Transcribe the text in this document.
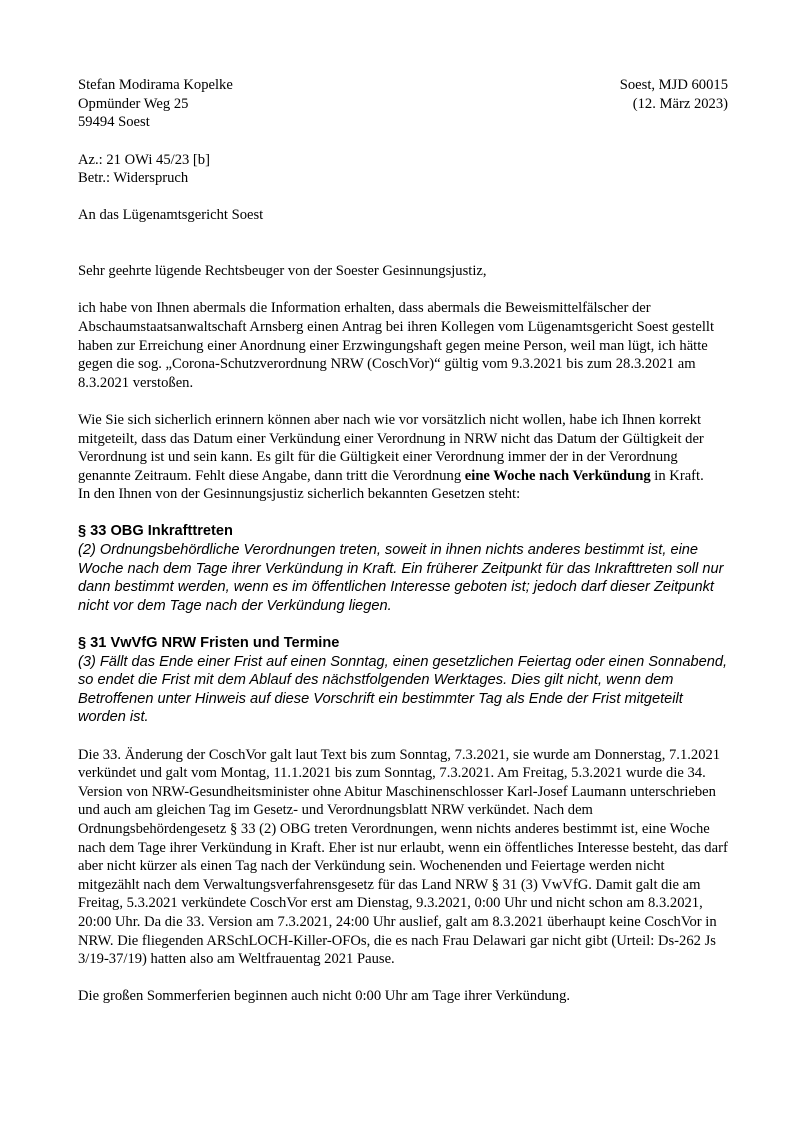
Stefan Modirama Kopelke

Opmünder Weg 25

59494 Soest

Soest, MJD 60015

(12. März 2023)

Az.: 21 OWi 45/23 [b]

Betr.: Widerspruch

An das Lügenamtsgericht Soest

Sehr geehrte lügende Rechtsbeuger von der Soester Gesinnungsjustiz,

ich habe von Ihnen abermals die Information erhalten, dass abermals die Beweismittelfälscher der Abschaumstaatsanwaltschaft Arnsberg einen Antrag bei ihren Kollegen vom Lügenamtsgericht Soest gestellt haben zur Erreichung einer Anordnung einer Erzwingungshaft gegen meine Person, weil man lügt, ich hätte gegen die sog. „Corona-Schutzverordnung NRW (CoschVor)“ gültig vom 9.3.2021 bis zum 28.3.2021 am 8.3.2021 verstoßen.

Wie Sie sich sicherlich erinnern können aber nach wie vor vorsätzlich nicht wollen, habe ich Ihnen korrekt mitgeteilt, dass das Datum einer Verkündung einer Verordnung in NRW nicht das Datum der Gültigkeit der Verordnung ist und sein kann. Es gilt für die Gültigkeit einer Verordnung immer der in der Verordnung genannte Zeitraum. Fehlt diese Angabe, dann tritt die Verordnung eine Woche nach Verkündung in Kraft.

In den Ihnen von der Gesinnungsjustiz sicherlich bekannten Gesetzen steht:

§ 33 OBG Inkrafttreten

(2) Ordnungsbehördliche Verordnungen treten, soweit in ihnen nichts anderes bestimmt ist, eine Woche nach dem Tage ihrer Verkündung in Kraft. Ein früherer Zeitpunkt für das Inkrafttreten soll nur dann bestimmt werden, wenn es im öffentlichen Interesse geboten ist; jedoch darf dieser Zeitpunkt nicht vor dem Tage nach der Verkündung liegen.

§ 31 VwVfG NRW Fristen und Termine

(3) Fällt das Ende einer Frist auf einen Sonntag, einen gesetzlichen Feiertag oder einen Sonnabend, so endet die Frist mit dem Ablauf des nächstfolgenden Werktages. Dies gilt nicht, wenn dem Betroffenen unter Hinweis auf diese Vorschrift ein bestimmter Tag als Ende der Frist mitgeteilt worden ist.

Die 33. Änderung der CoschVor galt laut Text bis zum Sonntag, 7.3.2021, sie wurde am Donnerstag, 7.1.2021 verkündet und galt vom Montag, 11.1.2021 bis zum Sonntag, 7.3.2021. Am Freitag, 5.3.2021 wurde die 34. Version von NRW-Gesundheitsminister ohne Abitur Maschinenschlosser Karl-Josef Laumann unterschrieben und auch am gleichen Tag im Gesetz- und Verordnungsblatt NRW verkündet. Nach dem Ordnungsbehördengesetz § 33 (2) OBG treten Verordnungen, wenn nichts anderes bestimmt ist, eine Woche nach dem Tage ihrer Verkündung in Kraft. Eher ist nur erlaubt, wenn ein öffentliches Interesse besteht, das darf aber nicht kürzer als einen Tag nach der Verkündung sein. Wochenenden und Feiertage werden nicht mitgezählt nach dem Verwaltungsverfahrensgesetz für das Land NRW § 31 (3) VwVfG. Damit galt die am Freitag, 5.3.2021 verkündete CoschVor erst am Dienstag, 9.3.2021, 0:00 Uhr und nicht schon am 8.3.2021, 20:00 Uhr. Da die 33. Version am 7.3.2021, 24:00 Uhr auslief, galt am 8.3.2021 überhaupt keine CoschVor in NRW. Die fliegenden ARSchLOCH-Killer-OFOs, die es nach Frau Delawari gar nicht gibt (Urteil: Ds-262 Js 3/19-37/19) hatten also am Weltfrauentag 2021 Pause.

Die großen Sommerferien beginnen auch nicht 0:00 Uhr am Tage ihrer Verkündung.
